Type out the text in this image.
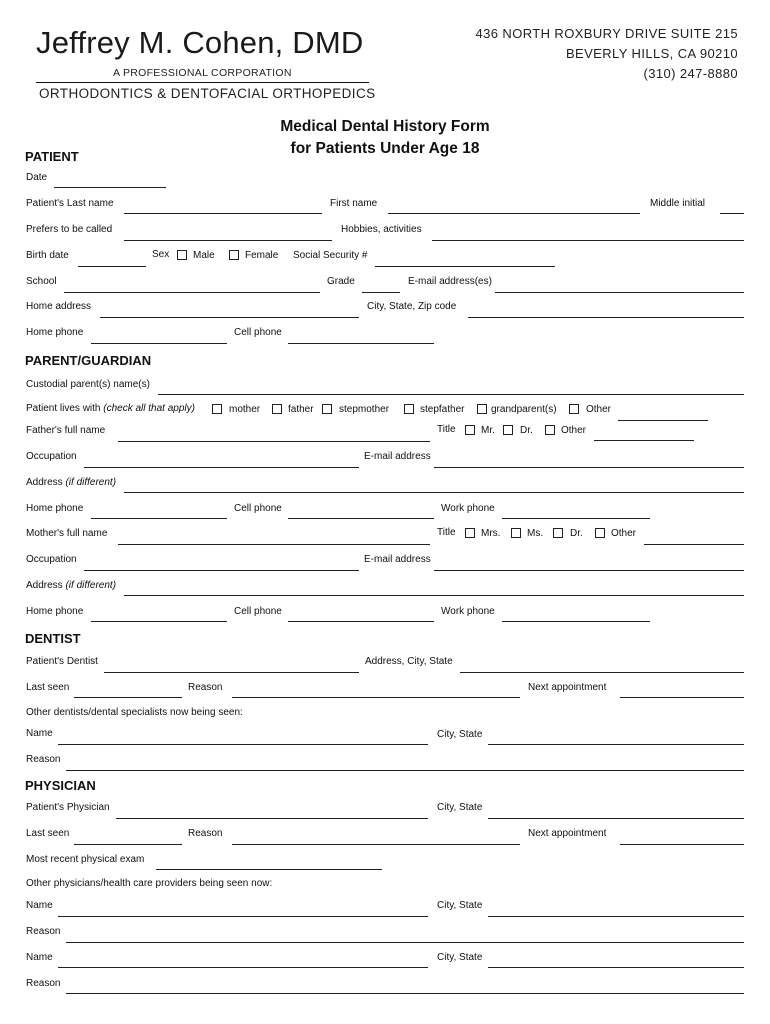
Jeffrey M. Cohen, DMD
A PROFESSIONAL CORPORATION
ORTHODONTICS & DENTOFACIAL ORTHOPEDICS
436 NORTH ROXBURY DRIVE SUITE 215
BEVERLY HILLS, CA 90210
(310) 247-8880
Medical Dental History Form
for Patients Under Age 18
PATIENT
Date
Patient's Last name	First name	Middle initial
Prefers to be called	Hobbies, activities
Birth date	Sex Male	Female Social Security #
School	Grade	E-mail address(es)
Home address	City, State, Zip code
Home phone	Cell phone
PARENT/GUARDIAN
Custodial parent(s) name(s)
Patient lives with (check all that apply)	mother	father	stepmother	stepfather	grandparent(s)	Other
Father's full name	Title	Mr.	Dr.	Other
Occupation	E-mail address
Address (if different)
Home phone	Cell phone	Work phone
Mother's full name	Title	Mrs.	Ms.	Dr.	Other
Occupation	E-mail address
Address (if different)
Home phone	Cell phone	Work phone
DENTIST
Patient's Dentist	Address, City, State
Last seen	Reason	Next appointment
Other dentists/dental specialists now being seen:
Name	City, State
Reason
PHYSICIAN
Patient's Physician	City, State
Last seen	Reason	Next appointment
Most recent physical exam
Other physicians/health care providers being seen now:
Name	City, State
Reason
Name	City, State
Reason
